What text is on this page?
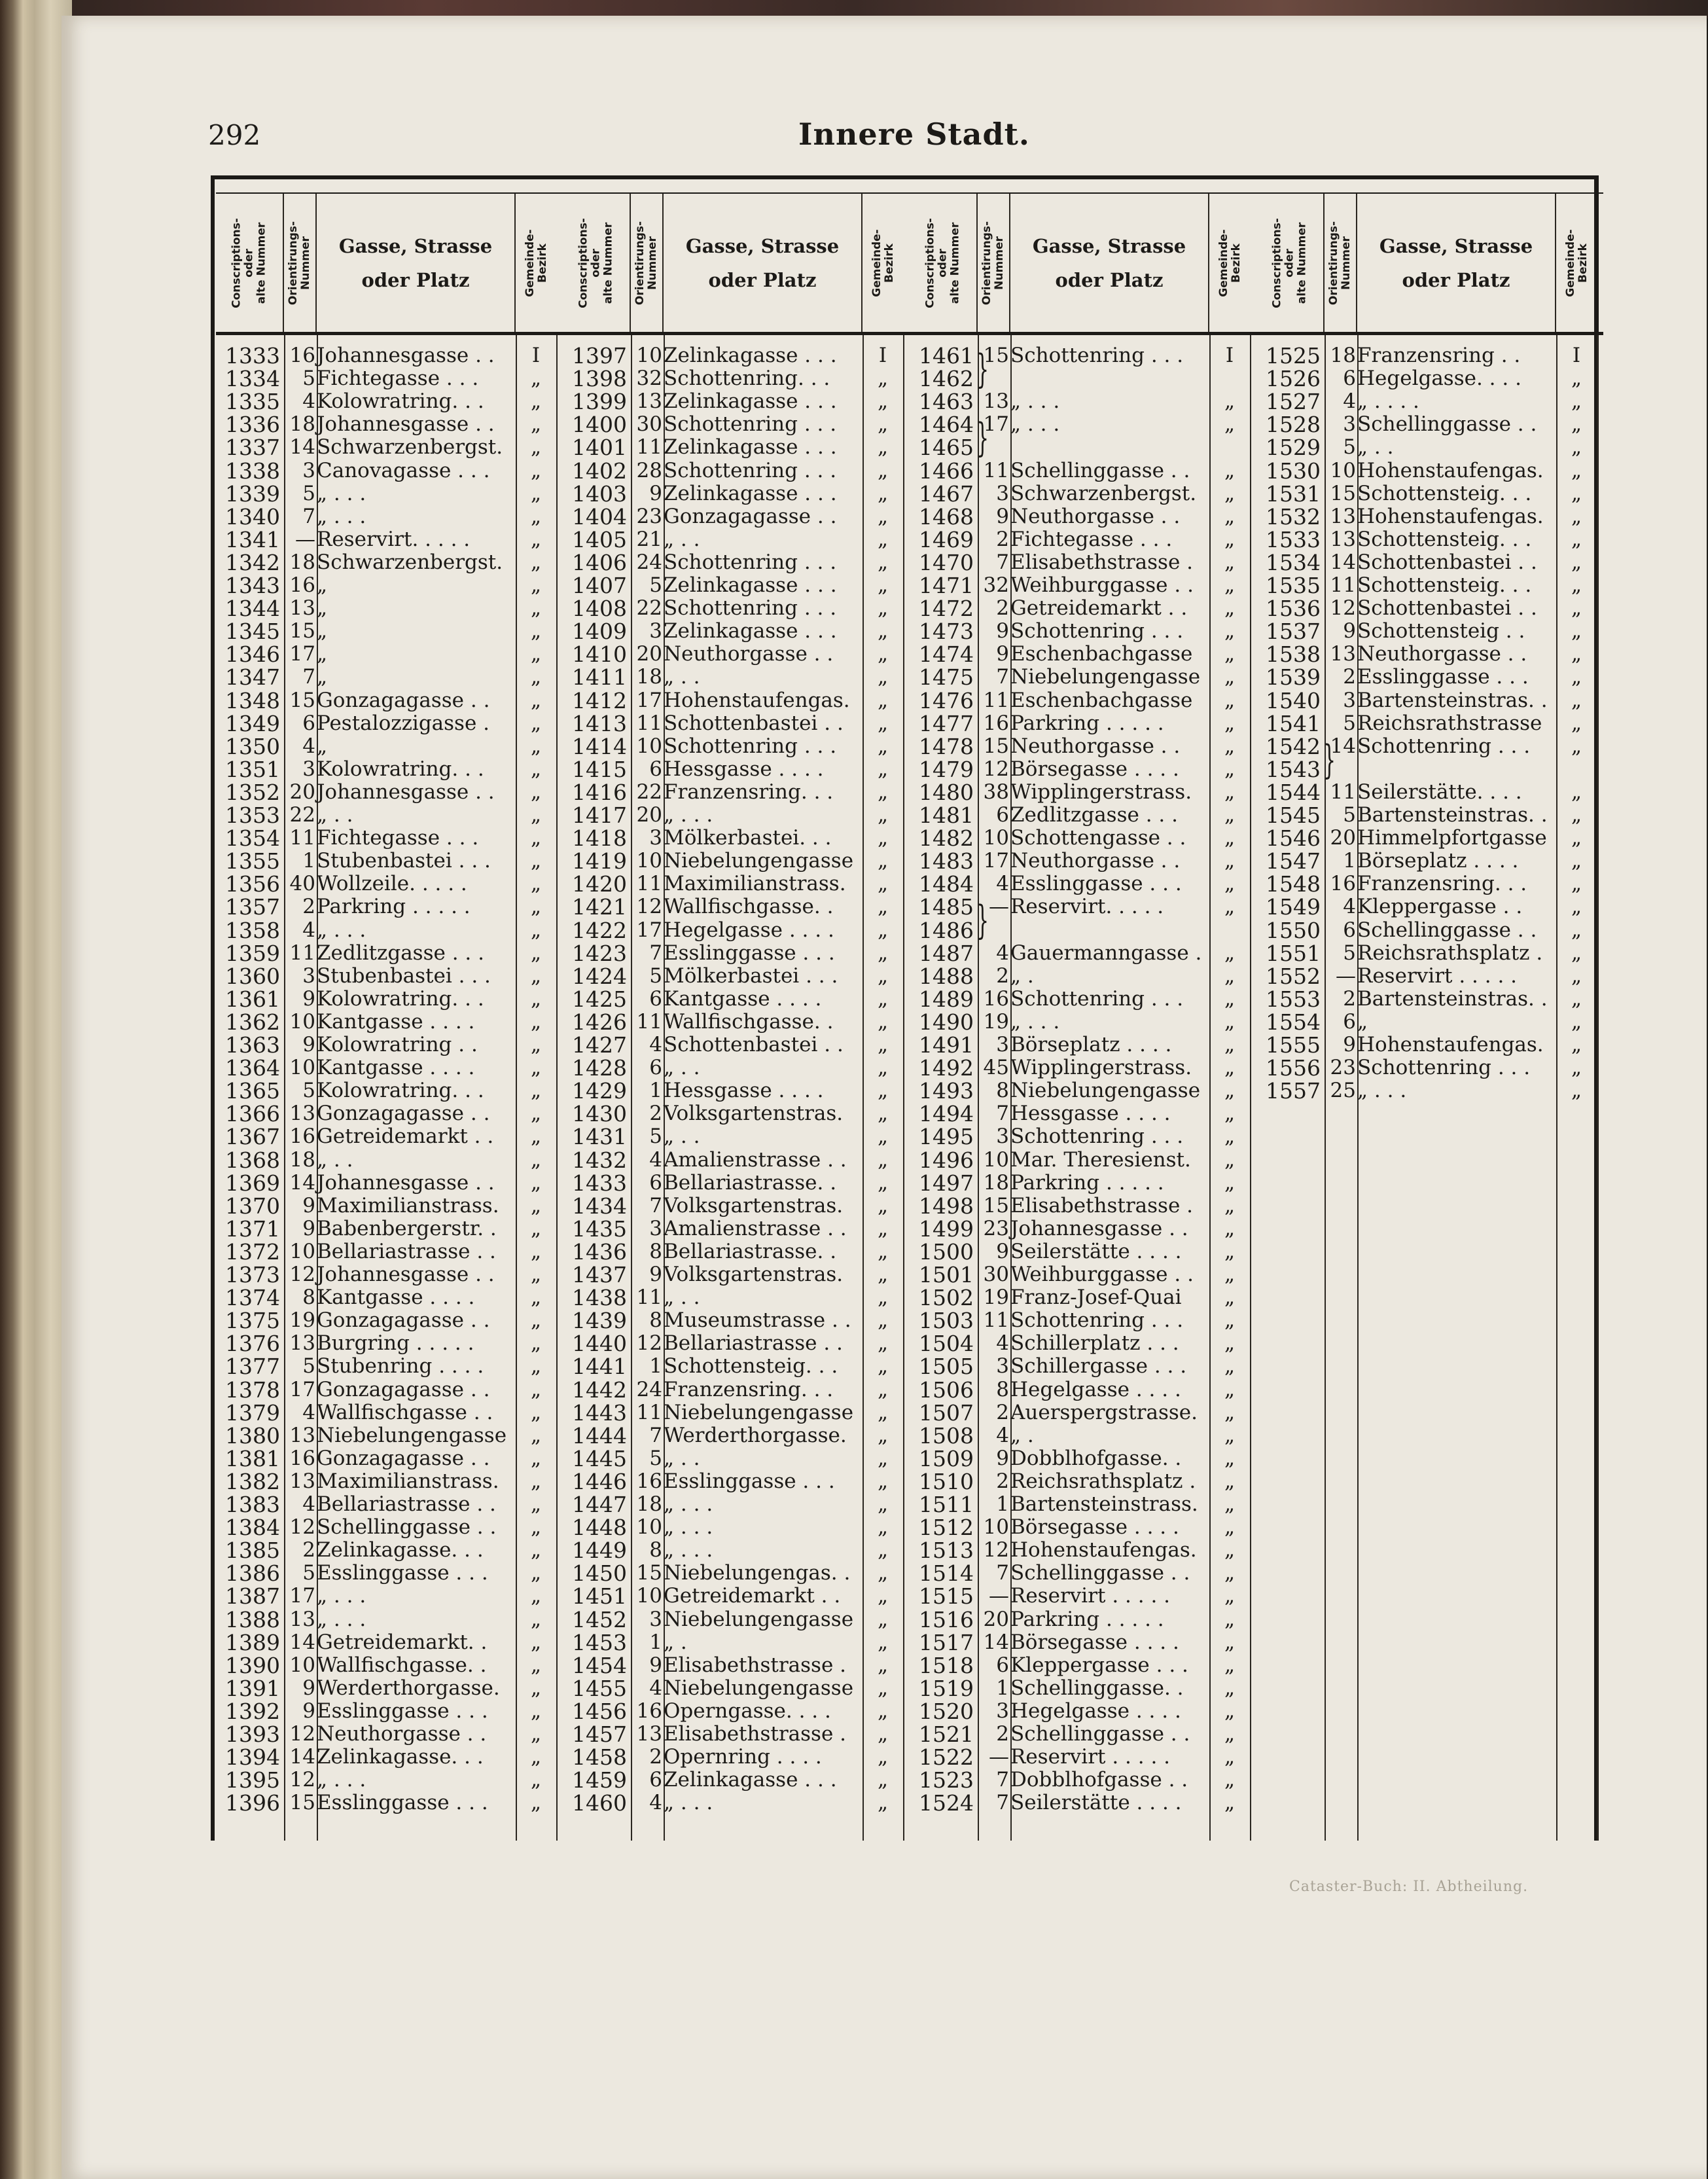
292	Innere Stadt.
Conscriptions-
oder
alte Nummer Orientirungs-
Nummer	Gasse, Strasse
oder Platz	Gemeinde-
Bezirk
1333 16 Johannesgasse . .	I
1334	5 Fichtegasse . . .	„
1335	4 Kolowratring. . .	„
1336 18 Johannesgasse . .	„
1337 14 Schwarzenbergst.	„
1338	3 Canovagasse . . .	„
1339	5 „ . . .	„
1340	7 „ . . .	„
1341 — Reservirt. . . . .	„
1342 18 Schwarzenbergst.	„
1343 16 „	„
1344 13 „	„
1345 15 „	„
1346 17 „	„
1347	7 „	„
1348 15 Gonzagagasse . .	„
1349	6 Pestalozzigasse .	„
1350	4 „	„
1351	3 Kolowratring. . .	„
1352 20 Johannesgasse . .	„
1353 22 „ . .	„
1354 11 Fichtegasse . . .	„
1355	1 Stubenbastei . . .	„
1356 40 Wollzeile. . . . .	„
1357	2 Parkring . . . . .	„
1358	4 „ . . .	„
1359 11 Zedlitzgasse . . .	„
1360	3 Stubenbastei . . .	„
1361	9 Kolowratring. . .	„
1362 10 Kantgasse . . . .	„
1363	9 Kolowratring . .	„
1364 10 Kantgasse . . . .	„
1365	5 Kolowratring. . .	„
1366 13 Gonzagagasse . .	„
1367 16 Getreidemarkt . .	„
1368 18 „ . .	„
1369 14 Johannesgasse . .	„
1370	9 Maximilianstrass.	„
1371	9 Babenbergerstr. .	„
1372 10 Bellariastrasse . .	„
1373 12 Johannesgasse . .	„
1374	8 Kantgasse . . . .	„
1375 19 Gonzagagasse . .	„
1376 13 Burgring . . . . .	„
1377	5 Stubenring . . . .	„
1378 17 Gonzagagasse . .	„
1379	4 Wallfischgasse . .	„
1380 13 Niebelungengasse	„
1381 16 Gonzagagasse . .	„
1382 13 Maximilianstrass.	„
1383	4 Bellariastrasse . .	„
1384 12 Schellinggasse . .	„
1385	2 Zelinkagasse. . .	„
1386	5 Esslinggasse . . .	„
1387 17 „ . . .	„
1388 13 „ . . .	„
1389 14 Getreidemarkt. .	„
1390 10 Wallfischgasse. .	„
1391	9 Werderthorgasse.	„
1392	9 Esslinggasse . . .	„
1393 12 Neuthorgasse . .	„
1394 14 Zelinkagasse. . .	„
1395 12 „ . . .	„
1396 15 Esslinggasse . . .	„
Conscriptions-
oder
alte Nummer Orientirungs-
Nummer	Gasse, Strasse
oder Platz	Gemeinde-
Bezirk
1397 10 Zelinkagasse . . .	I
1398 32 Schottenring. . .	„
1399 13 Zelinkagasse . . .	„
1400 30 Schottenring . . .	„
1401 11 Zelinkagasse . . .	„
1402 28 Schottenring . . .	„
1403	9 Zelinkagasse . . .	„
1404 23 Gonzagagasse . .	„
1405 21 „ . .	„
1406 24 Schottenring . . .	„
1407	5 Zelinkagasse . . .	„
1408 22 Schottenring . . .	„
1409	3 Zelinkagasse . . .	„
1410 20 Neuthorgasse . .	„
1411 18 „ . .	„
1412 17 Hohenstaufengas.	„
1413 11 Schottenbastei . .	„
1414 10 Schottenring . . .	„
1415	6 Hessgasse . . . .	„
1416 22 Franzensring. . .	„
1417 20 „ . . .	„
1418	3 Mölkerbastei. . .	„
1419 10 Niebelungengasse	„
1420 11 Maximilianstrass.	„
1421 12 Wallfischgasse. .	„
1422 17 Hegelgasse . . . .	„
1423	7 Esslinggasse . . .	„
1424	5 Mölkerbastei . . .	„
1425	6 Kantgasse . . . .	„
1426 11 Wallfischgasse. .	„
1427	4 Schottenbastei . .	„
1428	6 „ . .	„
1429	1 Hessgasse . . . .	„
1430	2 Volksgartenstras.	„
1431	5 „ . .	„
1432	4 Amalienstrasse . .	„
1433	6 Bellariastrasse. .	„
1434	7 Volksgartenstras.	„
1435	3 Amalienstrasse . .	„
1436	8 Bellariastrasse. .	„
1437	9 Volksgartenstras.	„
1438 11 „ . .	„
1439	8 Museumstrasse . .	„
1440 12 Bellariastrasse . .	„
1441	1 Schottensteig. . .	„
1442 24 Franzensring. . .	„
1443 11 Niebelungengasse	„
1444	7 Werderthorgasse.	„
1445	5 „ . .	„
1446 16 Esslinggasse . . .	„
1447 18 „ . . .	„
1448 10 „ . . .	„
1449	8 „ . . .	„
1450 15 Niebelungengas. .	„
1451 10 Getreidemarkt . .	„
1452	3 Niebelungengasse	„
1453	1 „ .	„
1454	9 Elisabethstrasse .	„
1455	4 Niebelungengasse	„
1456 16 Operngasse. . . .	„
1457 13 Elisabethstrasse .	„
1458	2 Opernring . . . .	„
1459	6 Zelinkagasse . . .	„
1460	4 „ . . .	„
Conscriptions-
oder
alte Nummer Orientirungs-
Nummer	Gasse, Strasse
oder Platz	Gemeinde-
Bezirk
1461 15 Schottenring . . .	I
1462
1463 13 „ . . .	„
1464 17 „ . . .	„
1465
1466 11 Schellinggasse . .	„
1467	3 Schwarzenbergst.	„
1468	9 Neuthorgasse . .	„
1469	2 Fichtegasse . . .	„
1470	7 Elisabethstrasse .	„
1471 32 Weihburggasse . .	„
1472	2 Getreidemarkt . .	„
1473	9 Schottenring . . .	„
1474	9 Eschenbachgasse	„
1475	7 Niebelungengasse	„
1476 11 Eschenbachgasse	„
1477 16 Parkring . . . . .	„
1478 15 Neuthorgasse . .	„
1479 12 Börsegasse . . . .	„
1480 38 Wipplingerstrass.	„
1481	6 Zedlitzgasse . . .	„
1482 10 Schottengasse . .	„
1483 17 Neuthorgasse . .	„
1484	4 Esslinggasse . . .	„
1485 — Reservirt. . . . .	„
1486
1487	4 Gauermanngasse .	„
1488	2 „ .	„
1489 16 Schottenring . . .	„
1490 19 „ . . .	„
1491	3 Börseplatz . . . .	„
1492 45 Wipplingerstrass.	„
1493	8 Niebelungengasse	„
1494	7 Hessgasse . . . .	„
1495	3 Schottenring . . .	„
1496 10 Mar. Theresienst.	„
1497 18 Parkring . . . . .	„
1498 15 Elisabethstrasse .	„
1499 23 Johannesgasse . .	„
1500	9 Seilerstätte . . . .	„
1501 30 Weihburggasse . .	„
1502 19 Franz-Josef-Quai	„
1503 11 Schottenring . . .	„
1504	4 Schillerplatz . . .	„
1505	3 Schillergasse . . .	„
1506	8 Hegelgasse . . . .	„
1507	2 Auerspergstrasse.	„
1508	4 „ .	„
1509	9 Dobblhofgasse. .	„
1510	2 Reichsrathsplatz .	„
1511	1 Bartensteinstrass.	„
1512 10 Börsegasse . . . .	„
1513 12 Hohenstaufengas.	„
1514	7 Schellinggasse . .	„
1515 — Reservirt . . . . .	„
1516 20 Parkring . . . . .	„
1517 14 Börsegasse . . . .	„
1518	6 Kleppergasse . . .	„
1519	1 Schellinggasse. .	„
1520	3 Hegelgasse . . . .	„
1521	2 Schellinggasse . .	„
1522 — Reservirt . . . . .	„
1523	7 Dobblhofgasse . .	„
1524	7 Seilerstätte . . . .	„
}
}
}
Conscriptions-
oder
alte Nummer Orientirungs-
Nummer	Gasse, Strasse
oder Platz	Gemeinde-
Bezirk
1525 18 Franzensring . .	I
1526	6 Hegelgasse. . . .	„
1527	4 „ . . . .	„
1528	3 Schellinggasse . .	„
1529	5 „ . .	„
1530 10 Hohenstaufengas.	„
1531 15 Schottensteig. . .	„
1532 13 Hohenstaufengas.	„
1533 13 Schottensteig. . .	„
1534 14 Schottenbastei . .	„
1535 11 Schottensteig. . .	„
1536 12 Schottenbastei . .	„
1537	9 Schottensteig . .	„
1538 13 Neuthorgasse . .	„
1539	2 Esslinggasse . . .	„
1540	3 Bartensteinstras. .	„
1541	5 Reichsrathstrasse	„
1542 14 Schottenring . . .	„
1543
1544 11 Seilerstätte. . . .	„
1545	5 Bartensteinstras. .	„
1546 20 Himmelpfortgasse	„
1547	1 Börseplatz . . . .	„
1548 16 Franzensring. . .	„
1549	4 Kleppergasse . .	„
1550	6 Schellinggasse . .	„
1551	5 Reichsrathsplatz .	„
1552 — Reservirt . . . . .	„
1553	2 Bartensteinstras. .	„
1554	6 „	„
1555	9 Hohenstaufengas.	„
1556 23 Schottenring . . .	„
1557 25 „ . . .	„
}
Cataster-Buch: II. Abtheilung.
